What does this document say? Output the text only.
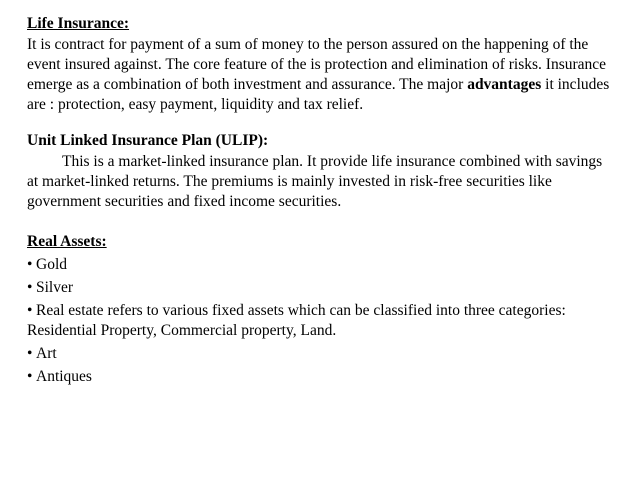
Life Insurance:
It is contract for payment of a sum of money to the person assured on the happening of the event insured against. The core feature of the is protection and elimination of risks. Insurance emerge as a combination of both investment and assurance. The major advantages it includes are : protection, easy payment, liquidity and tax relief.
Unit Linked Insurance Plan (ULIP):
This is a market-linked insurance plan. It provide life insurance combined with savings at market-linked returns. The premiums is mainly invested in risk-free securities like government securities and fixed income securities.
Real Assets:
• Gold
• Silver
• Real estate refers to various fixed assets which can be classified into three categories: Residential Property, Commercial property, Land.
• Art
• Antiques
